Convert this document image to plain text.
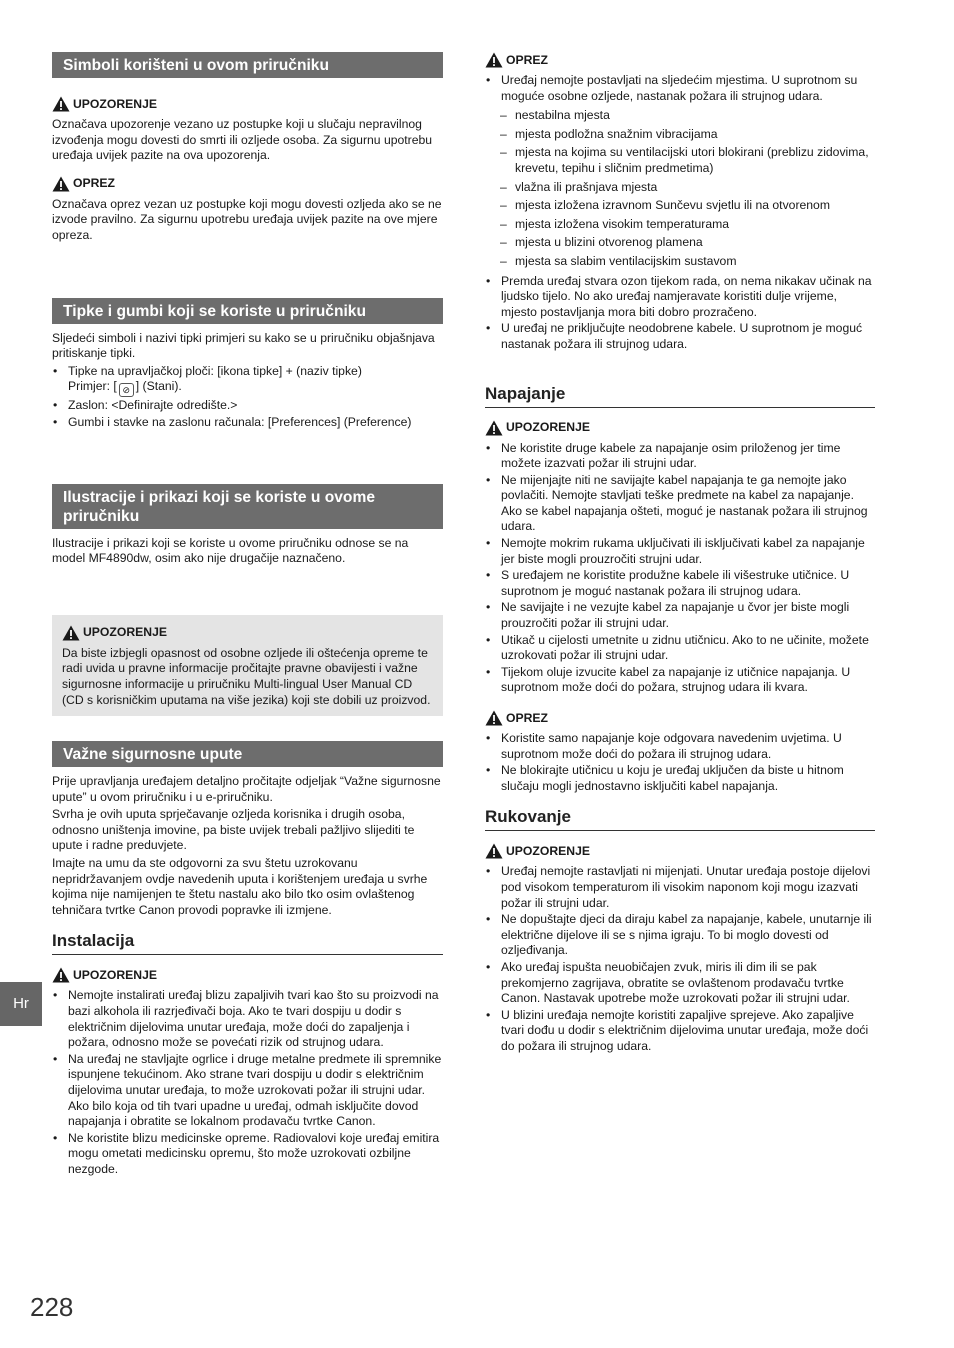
Simboli korišteni u ovom priručniku
UPOZORENJE

Označava upozorenje vezano uz postupke koji u slučaju nepravilnog izvođenja mogu dovesti do smrti ili ozljede osoba. Za sigurnu upotrebu uređaja uvijek pazite na ova upozorenja.

OPREZ

Označava oprez vezan uz postupke koji mogu dovesti ozljeda ako se ne izvode pravilno. Za sigurnu upotrebu uređaja uvijek pazite na ove mjere opreza.

Tipke i gumbi koji se koriste u priručniku

Sljedeći simboli i nazivi tipki primjeri su kako se u priručniku objašnjava pritiskanje tipki.

• Tipke na upravljačkoj ploči: [ikona tipke] + (naziv tipke)
Primjer: [ ⊘ ] (Stani).
• Zaslon: <Definirajte odredište.>
• Gumbi i stavke na zaslonu računala: [Preferences] (Preference)
Ilustracije i prikazi koji se koriste u ovome priručniku

Ilustracije i prikazi koji se koriste u ovome priručniku odnose se na model MF4890dw, osim ako nije drugačije naznačeno.

UPOZORENJE

Da biste izbjegli opasnost od osobne ozljede ili oštećenja opreme te radi uvida u pravne informacije pročitajte pravne obavijesti i važne sigurnosne informacije u priručniku Multi-lingual User Manual CD (CD s korisničkim uputama na više jezika) koji ste dobili uz proizvod.

Važne sigurnosne upute

Prije upravljanja uređajem detaljno pročitajte odjeljak “Važne sigurnosne upute” u ovom priručniku i u e-priručniku.

Svrha je ovih uputa sprječavanje ozljeda korisnika i drugih osoba, odnosno uništenja imovine, pa biste uvijek trebali pažljivo slijediti te upute i radne preduvjete.

Imajte na umu da ste odgovorni za svu štetu uzrokovanu nepridržavanjem ovdje navedenih uputa i korištenjem uređaja u svrhe kojima nije namijenjen te štetu nastalu ako bilo tko osim ovlaštenog tehničara tvrtke Canon provodi popravke ili izmjene.

Instalacija
UPOZORENJE
• Nemojte instalirati uređaj blizu zapaljivih tvari kao što su proizvodi na bazi alkohola ili razrjeđivači boja. Ako te tvari dospiju u dodir s električnim dijelovima unutar uređaja, može doći do zapaljenja i požara, odnosno može se povećati rizik od strujnog udara.
• Na uređaj ne stavljajte ogrlice i druge metalne predmete ili spremnike ispunjene tekućinom. Ako strane tvari dospiju u dodir s električnim dijelovima unutar uređaja, to može uzrokovati požar ili strujni udar.
Ako bilo koja od tih tvari upadne u uređaj, odmah isključite dovod napajanja i obratite se lokalnom prodavaču tvrtke Canon.
• Ne koristite blizu medicinske opreme. Radiovalovi koje uređaj emitira mogu ometati medicinsku opremu, što može uzrokovati ozbiljne nezgode.
OPREZ
• Uređaj nemojte postavljati na sljedećim mjestima. U suprotnom su moguće osobne ozljede, nastanak požara ili strujnog udara.
– nestabilna mjesta
– mjesta podložna snažnim vibracijama
– mjesta na kojima su ventilacijski utori blokirani (preblizu zidovima, krevetu, tepihu i sličnim predmetima)
– vlažna ili prašnjava mjesta
– mjesta izložena izravnom Sunčevu svjetlu ili na otvorenom
– mjesta izložena visokim temperaturama
– mjesta u blizini otvorenog plamena
– mjesta sa slabim ventilacijskim sustavom
• Premda uređaj stvara ozon tijekom rada, on nema nikakav učinak na ljudsko tijelo. No ako uređaj namjeravate koristiti dulje vrijeme, mjesto postavljanja mora biti dobro prozračeno.
• U uređaj ne priključujte neodobrene kabele. U suprotnom je moguć nastanak požara ili strujnog udara.
Napajanje
UPOZORENJE
• Ne koristite druge kabele za napajanje osim priloženog jer time možete izazvati požar ili strujni udar.
• Ne mijenjajte niti ne savijajte kabel napajanja te ga nemojte jako povlačiti. Nemojte stavljati teške predmete na kabel za napajanje. Ako se kabel napajanja ošteti, moguć je nastanak požara ili strujnog udara.
• Nemojte mokrim rukama uključivati ili isključivati kabel za napajanje jer biste mogli prouzročiti strujni udar.
• S uređajem ne koristite produžne kabele ili višestruke utičnice. U suprotnom je moguć nastanak požara ili strujnog udara.
• Ne savijajte i ne vezujte kabel za napajanje u čvor jer biste mogli prouzročiti požar ili strujni udar.
• Utikač u cijelosti umetnite u zidnu utičnicu. Ako to ne učinite, možete uzrokovati požar ili strujni udar.
• Tijekom oluje izvucite kabel za napajanje iz utičnice napajanja. U suprotnom može doći do požara, strujnog udara ili kvara.
OPREZ
• Koristite samo napajanje koje odgovara navedenim uvjetima. U suprotnom može doći do požara ili strujnog udara.
• Ne blokirajte utičnicu u koju je uređaj uključen da biste u hitnom slučaju mogli jednostavno isključiti kabel napajanja.
Rukovanje
UPOZORENJE
• Uređaj nemojte rastavljati ni mijenjati. Unutar uređaja postoje dijelovi pod visokom temperaturom ili visokim naponom koji mogu izazvati požar ili strujni udar.
• Ne dopuštajte djeci da diraju kabel za napajanje, kabele, unutarnje ili električne dijelove ili se s njima igraju. To bi moglo dovesti od ozljeđivanja.
• Ako uređaj ispušta neuobičajen zvuk, miris ili dim ili se pak prekomjerno zagrijava, obratite se ovlaštenom prodavaču tvrtke Canon. Nastavak upotrebe može uzrokovati požar ili strujni udar.
• U blizini uređaja nemojte koristiti zapaljive sprejeve. Ako zapaljive tvari dođu u dodir s električnim dijelovima unutar uređaja, može doći do požara ili strujnog udara.
Hr
228
